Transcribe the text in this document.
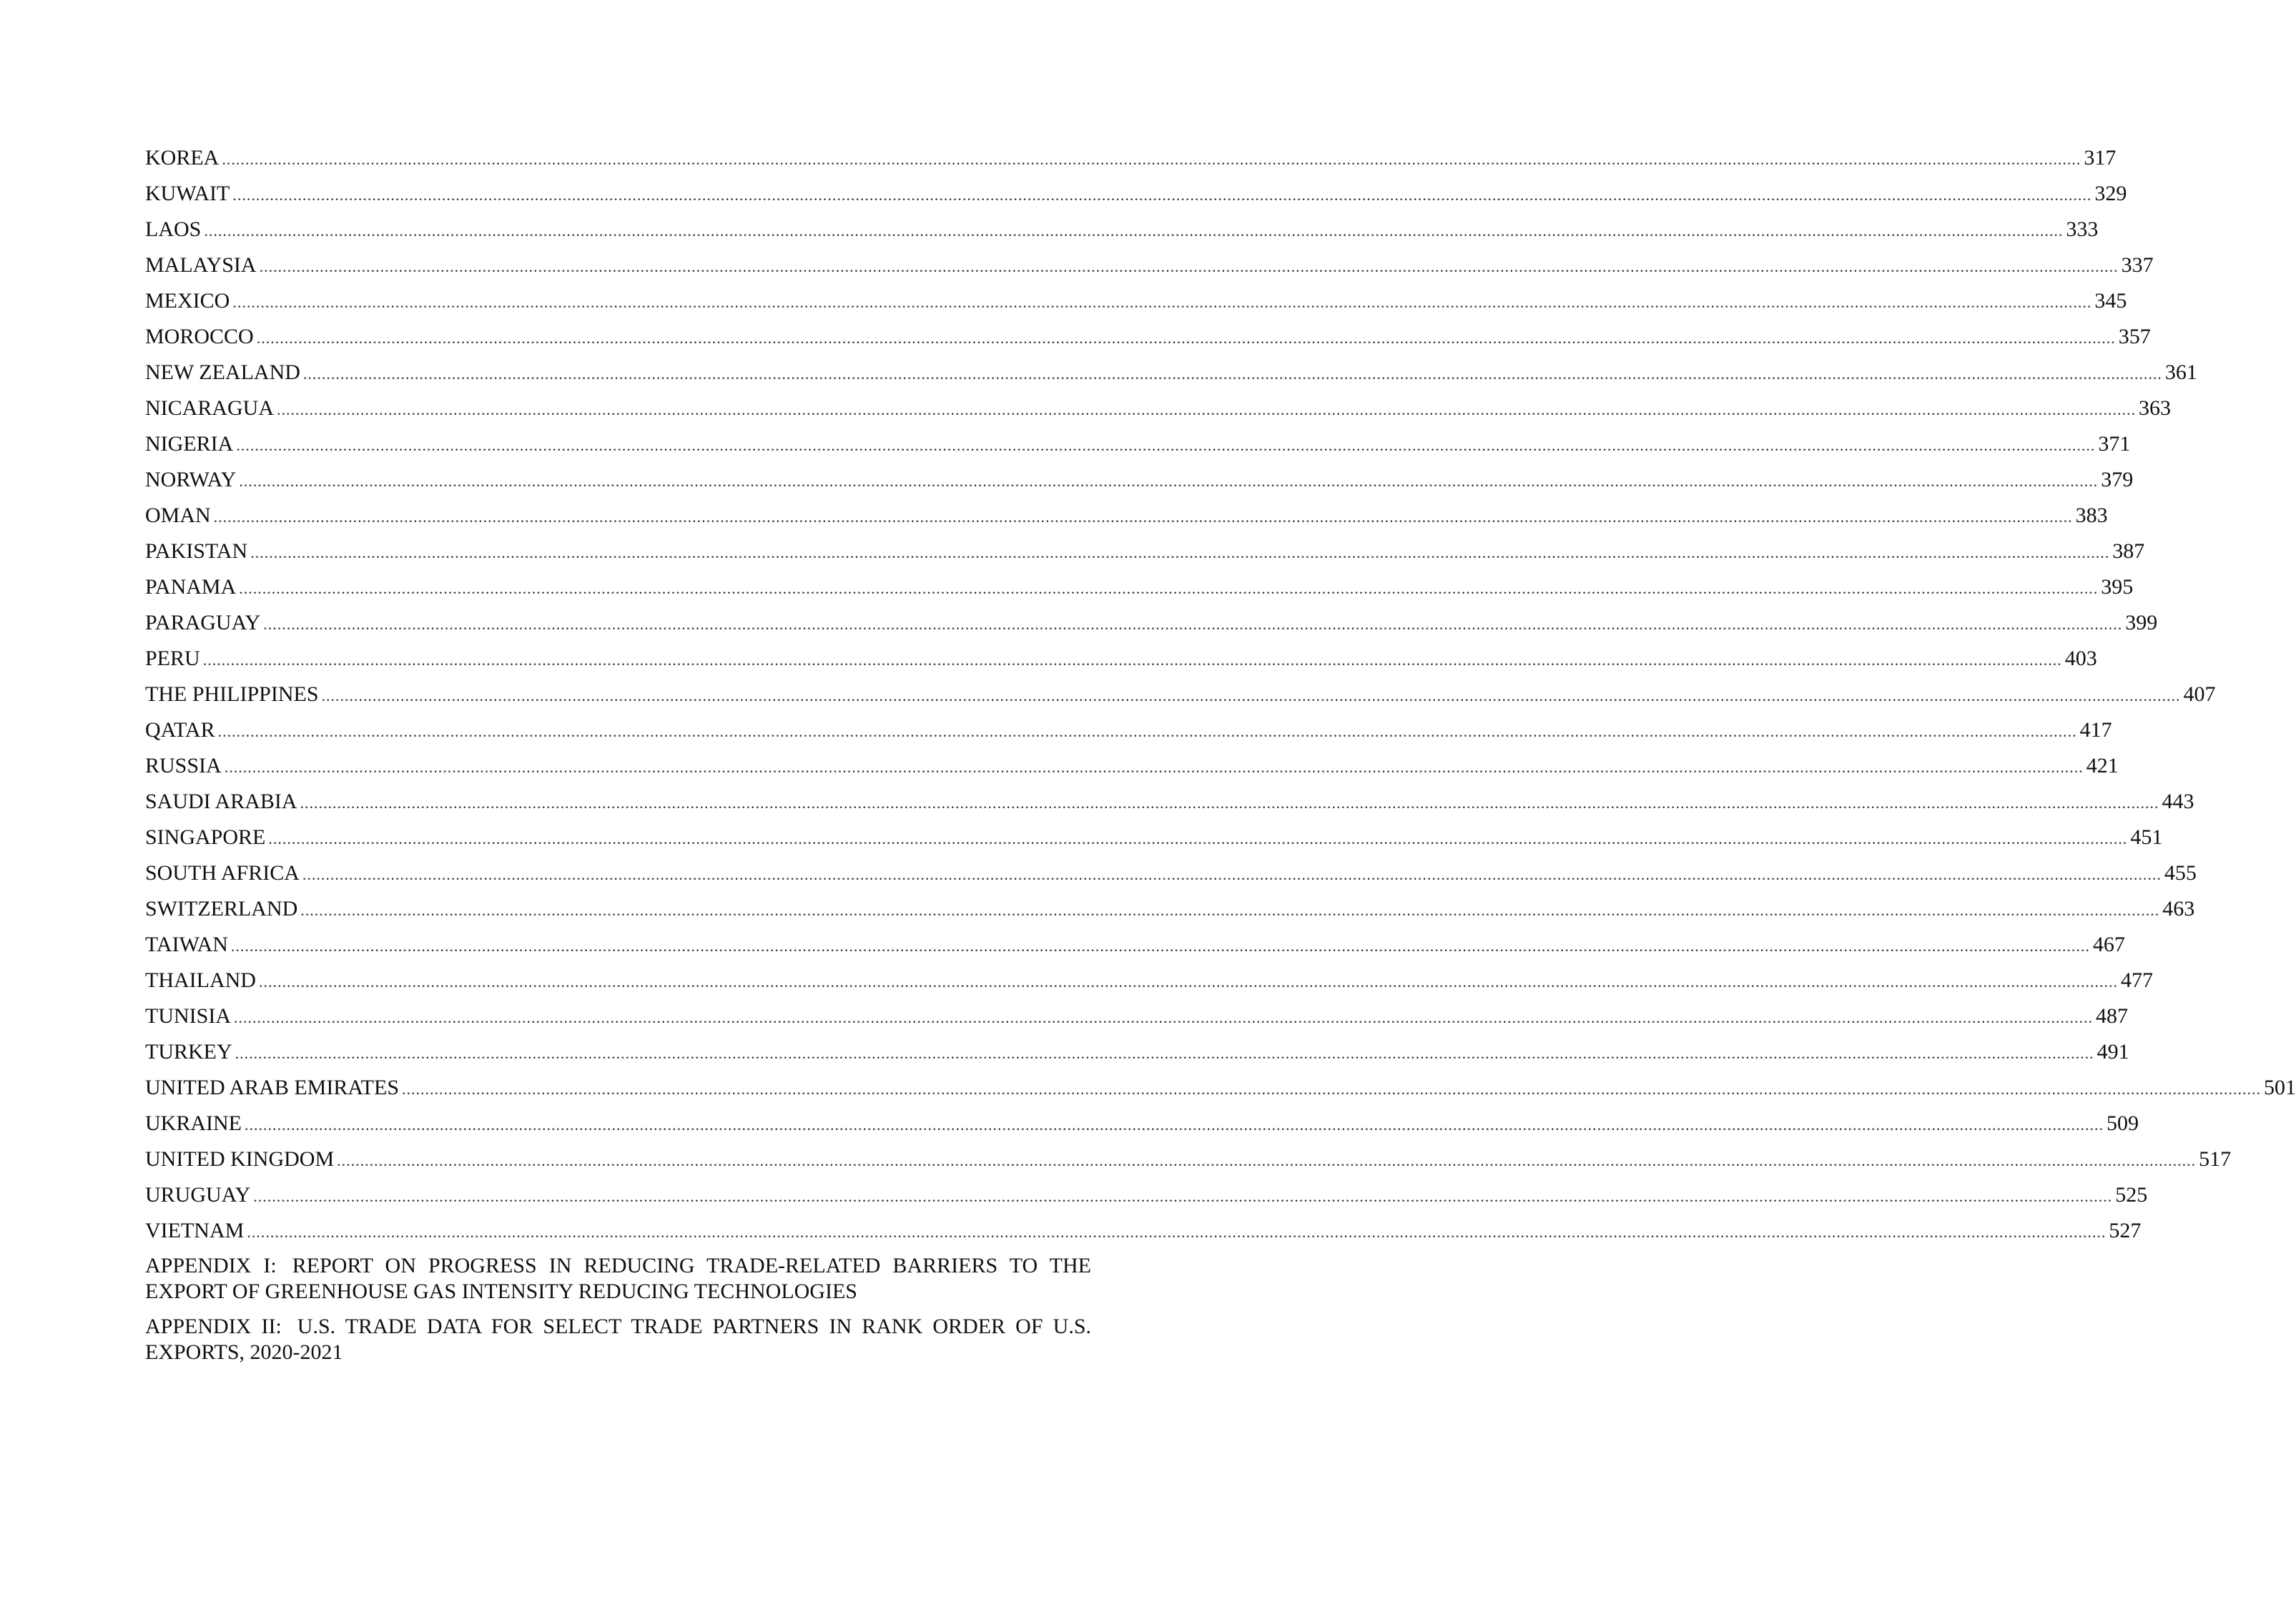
KOREA ................................................................................................................................................................................................................................................................................................................................................................................................................ 317
KUWAIT ................................................................................................................................................................................................................................................................................................................................................................................................................ 329
LAOS ................................................................................................................................................................................................................................................................................................................................................................................................................ 333
MALAYSIA ................................................................................................................................................................................................................................................................................................................................................................................................................ 337
MEXICO ................................................................................................................................................................................................................................................................................................................................................................................................................ 345
MOROCCO ................................................................................................................................................................................................................................................................................................................................................................................................................ 357
NEW ZEALAND ................................................................................................................................................................................................................................................................................................................................................................................................................ 361
NICARAGUA ................................................................................................................................................................................................................................................................................................................................................................................................................ 363
NIGERIA ................................................................................................................................................................................................................................................................................................................................................................................................................ 371
NORWAY ................................................................................................................................................................................................................................................................................................................................................................................................................ 379
OMAN ................................................................................................................................................................................................................................................................................................................................................................................................................ 383
PAKISTAN ................................................................................................................................................................................................................................................................................................................................................................................................................ 387
PANAMA ................................................................................................................................................................................................................................................................................................................................................................................................................ 395
PARAGUAY ................................................................................................................................................................................................................................................................................................................................................................................................................ 399
PERU ................................................................................................................................................................................................................................................................................................................................................................................................................ 403
THE PHILIPPINES ................................................................................................................................................................................................................................................................................................................................................................................................................ 407
QATAR ................................................................................................................................................................................................................................................................................................................................................................................................................ 417
RUSSIA ................................................................................................................................................................................................................................................................................................................................................................................................................ 421
SAUDI ARABIA ................................................................................................................................................................................................................................................................................................................................................................................................................ 443
SINGAPORE ................................................................................................................................................................................................................................................................................................................................................................................................................ 451
SOUTH AFRICA ................................................................................................................................................................................................................................................................................................................................................................................................................ 455
SWITZERLAND ................................................................................................................................................................................................................................................................................................................................................................................................................ 463
TAIWAN ................................................................................................................................................................................................................................................................................................................................................................................................................ 467
THAILAND ................................................................................................................................................................................................................................................................................................................................................................................................................ 477
TUNISIA ................................................................................................................................................................................................................................................................................................................................................................................................................ 487
TURKEY ................................................................................................................................................................................................................................................................................................................................................................................................................ 491
UNITED ARAB EMIRATES ................................................................................................................................................................................................................................................................................................................................................................................................................ 501
UKRAINE ................................................................................................................................................................................................................................................................................................................................................................................................................ 509
UNITED KINGDOM ................................................................................................................................................................................................................................................................................................................................................................................................................ 517
URUGUAY ................................................................................................................................................................................................................................................................................................................................................................................................................ 525
VIETNAM ................................................................................................................................................................................................................................................................................................................................................................................................................ 527
APPENDIX I: REPORT ON PROGRESS IN REDUCING TRADE-RELATED BARRIERS TO THE EXPORT OF GREENHOUSE GAS INTENSITY REDUCING TECHNOLOGIES
APPENDIX II: U.S. TRADE DATA FOR SELECT TRADE PARTNERS IN RANK ORDER OF U.S. EXPORTS, 2020-2021
